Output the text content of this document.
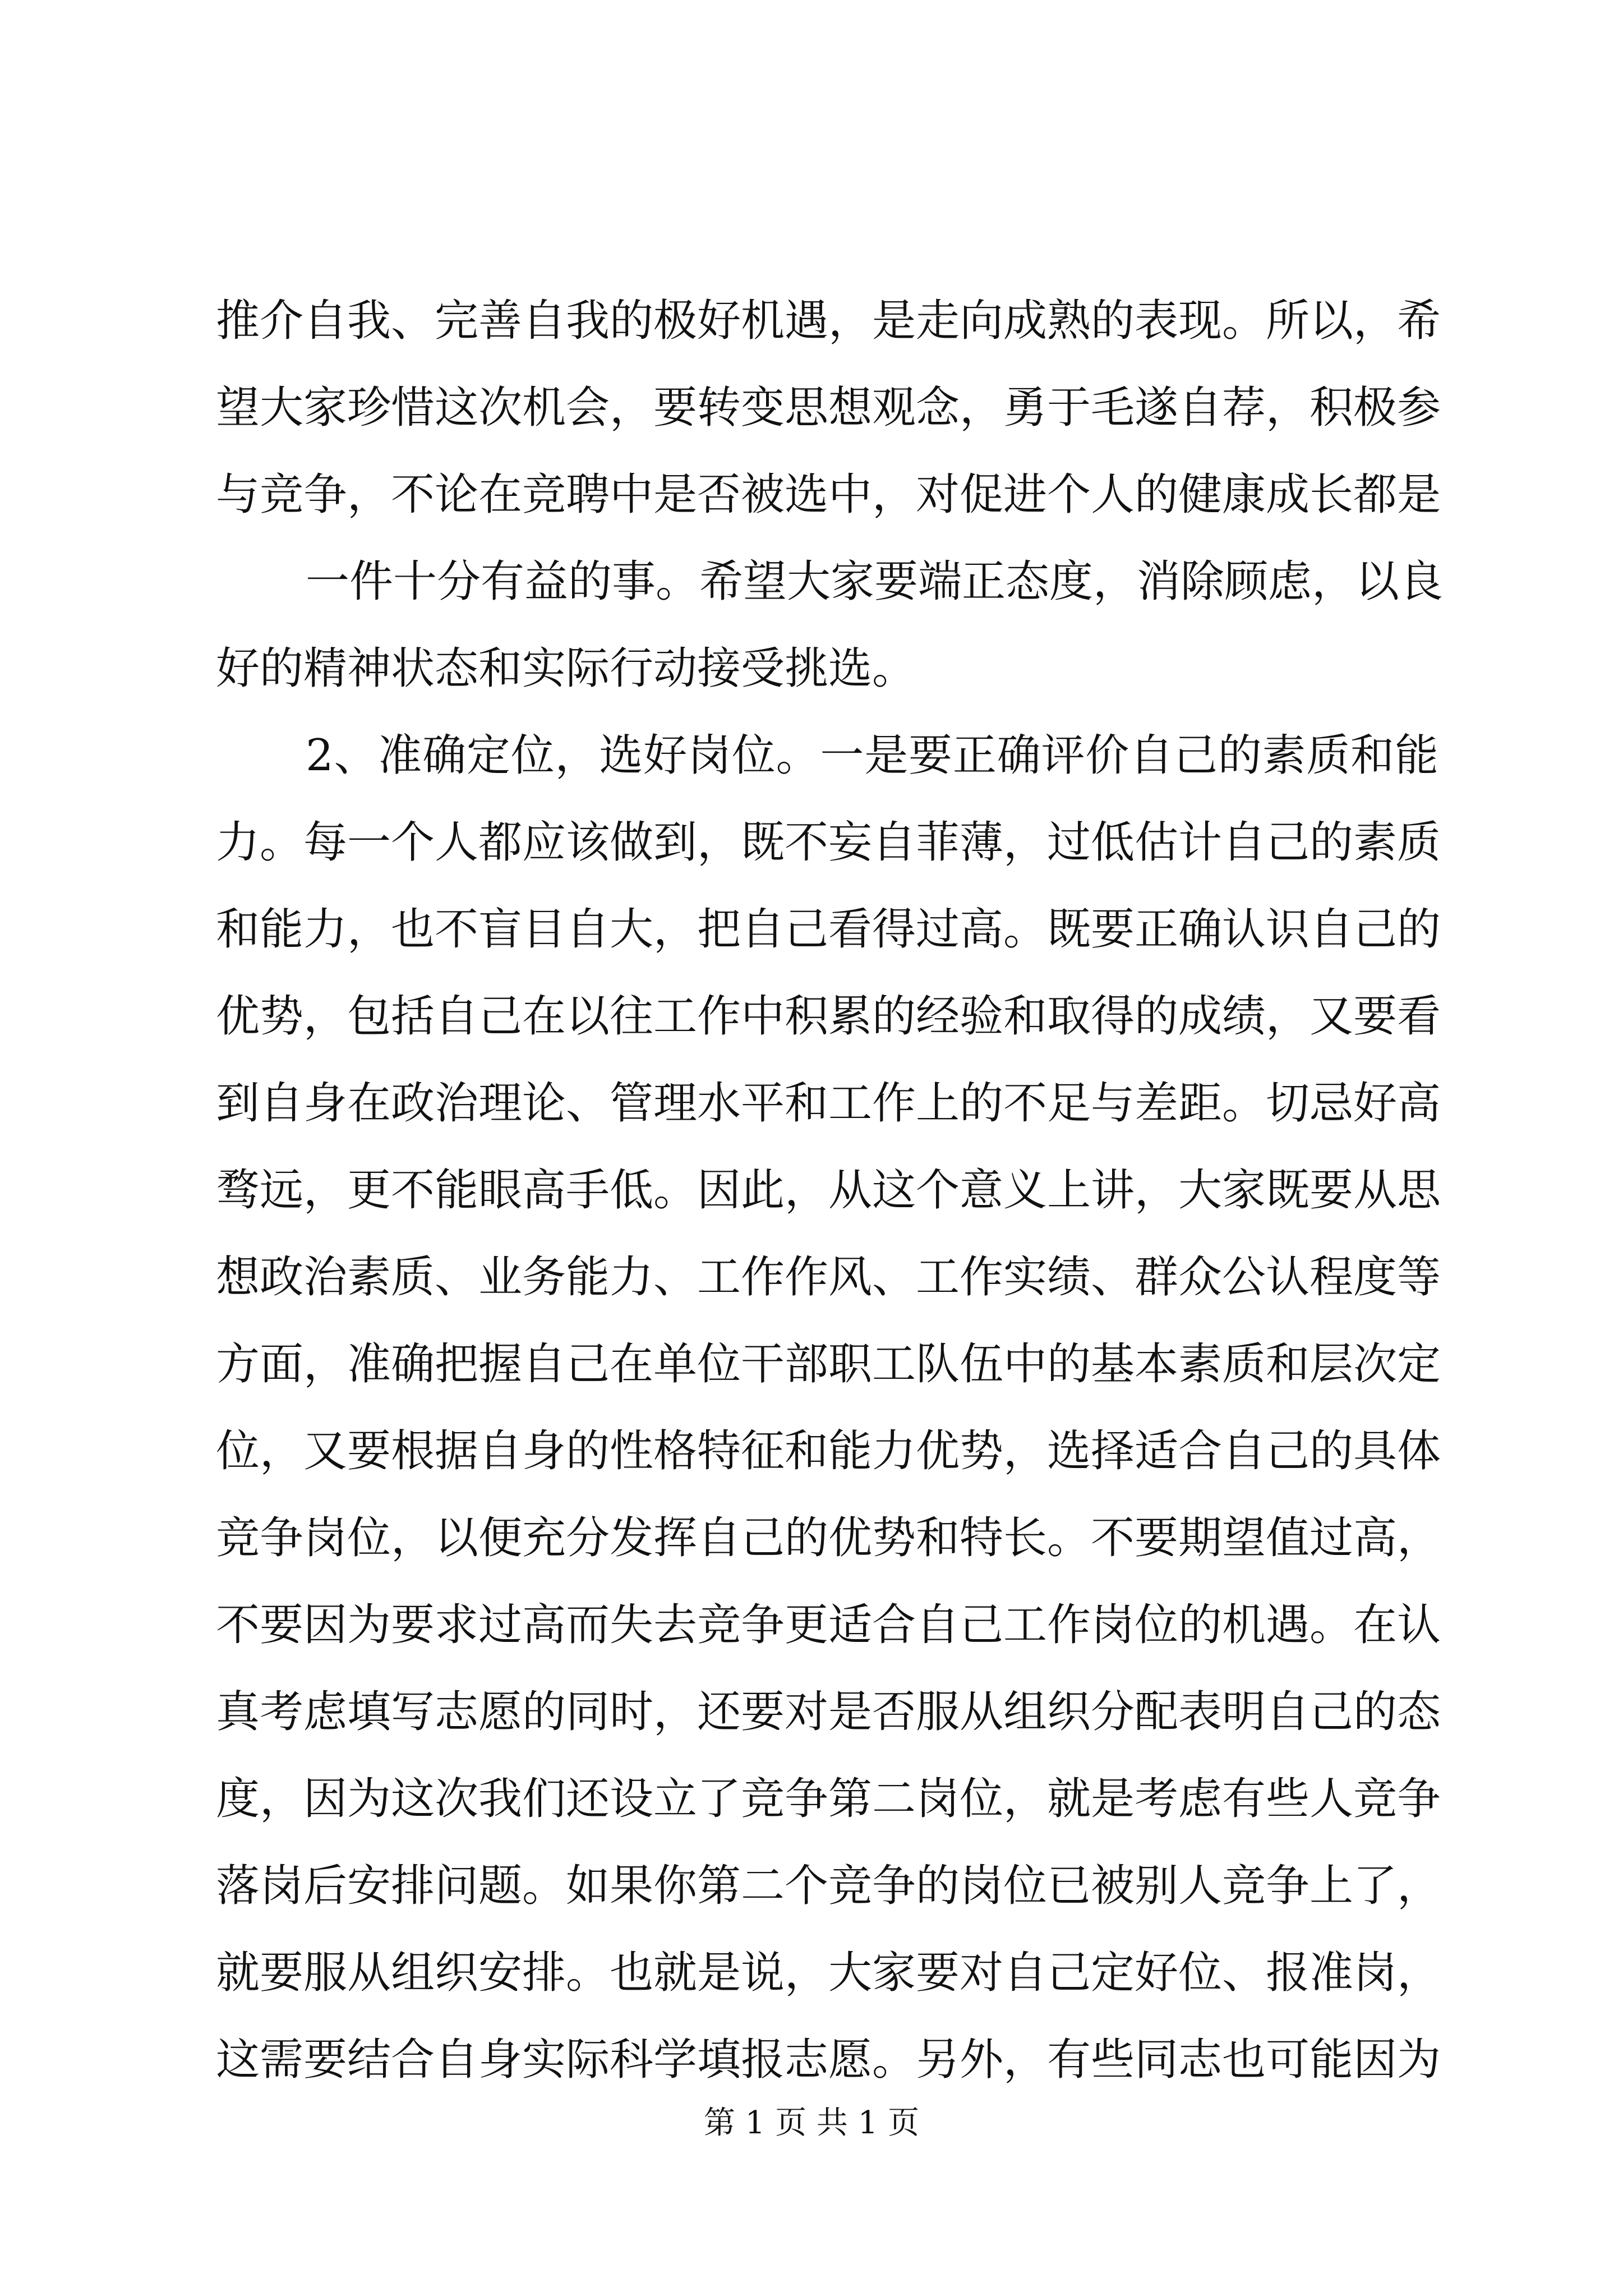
推介自我、完善自我的极好机遇，是走向成熟的表现。所以，希
望大家珍惜这次机会，要转变思想观念，勇于毛遂自荐，积极参
与竞争，不论在竞聘中是否被选中，对促进个人的健康成长都是
一件十分有益的事。希望大家要端正态度，消除顾虑，以良
好的精神状态和实际行动接受挑选。
2、准确定位，选好岗位。一是要正确评价自己的素质和能
力。每一个人都应该做到，既不妄自菲薄，过低估计自己的素质
和能力，也不盲目自大，把自己看得过高。既要正确认识自己的
优势，包括自己在以往工作中积累的经验和取得的成绩，又要看
到自身在政治理论、管理水平和工作上的不足与差距。切忌好高
骛远，更不能眼高手低。因此，从这个意义上讲，大家既要从思
想政治素质、业务能力、工作作风、工作实绩、群众公认程度等
方面，准确把握自己在单位干部职工队伍中的基本素质和层次定
位，又要根据自身的性格特征和能力优势，选择适合自己的具体
竞争岗位，以便充分发挥自己的优势和特长。不要期望值过高，
不要因为要求过高而失去竞争更适合自己工作岗位的机遇。在认
真考虑填写志愿的同时，还要对是否服从组织分配表明自己的态
度，因为这次我们还设立了竞争第二岗位，就是考虑有些人竞争
落岗后安排问题。如果你第二个竞争的岗位已被别人竞争上了，
就要服从组织安排。也就是说，大家要对自己定好位、报准岗，
这需要结合自身实际科学填报志愿。另外，有些同志也可能因为
第 1 页 共 1 页
